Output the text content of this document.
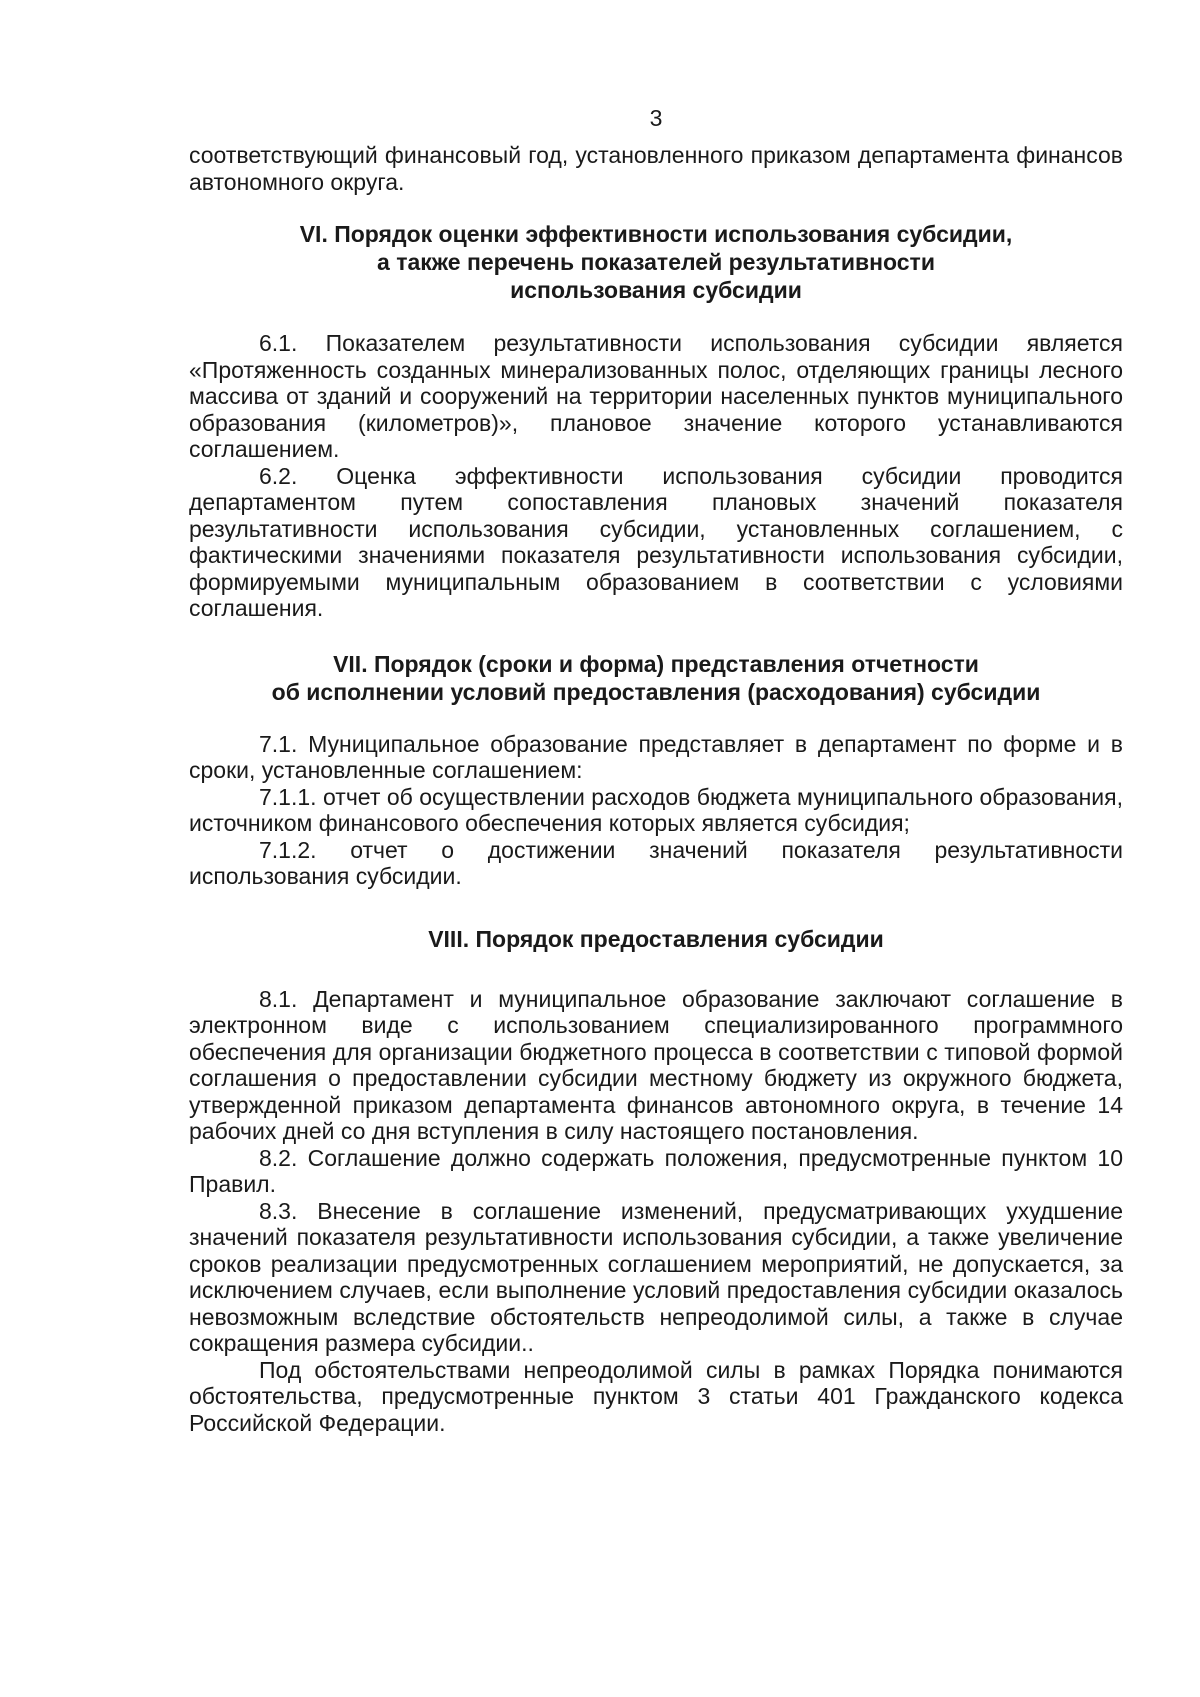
3

соответствующий финансовый год, установленного приказом департамента финансов автономного округа.

VI. Порядок оценки эффективности использования субсидии,
а также перечень показателей результативности
использования субсидии

6.1. Показателем результативности использования субсидии является «Протяженность созданных минерализованных полос, отделяющих границы лесного массива от зданий и сооружений на территории населенных пунктов муниципального образования (километров)», плановое значение которого устанавливаются соглашением.

6.2. Оценка эффективности использования субсидии проводится департаментом путем сопоставления плановых значений показателя результативности использования субсидии, установленных соглашением, с фактическими значениями показателя результативности использования субсидии, формируемыми муниципальным образованием в соответствии с условиями соглашения.

VII. Порядок (сроки и форма) представления отчетности
об исполнении условий предоставления (расходования) субсидии

7.1. Муниципальное образование представляет в департамент по форме и в сроки, установленные соглашением:

7.1.1. отчет об осуществлении расходов бюджета муниципального образования, источником финансового обеспечения которых является субсидия;

7.1.2. отчет о достижении значений показателя результативности использования субсидии.

VIII. Порядок предоставления субсидии

8.1. Департамент и муниципальное образование заключают соглашение в электронном виде с использованием специализированного программного обеспечения для организации бюджетного процесса в соответствии с типовой формой соглашения о предоставлении субсидии местному бюджету из окружного бюджета, утвержденной приказом департамента финансов автономного округа, в течение 14 рабочих дней со дня вступления в силу настоящего постановления.

8.2. Соглашение должно содержать положения, предусмотренные пунктом 10 Правил.

8.3. Внесение в соглашение изменений, предусматривающих ухудшение значений показателя результативности использования субсидии, а также увеличение сроков реализации предусмотренных соглашением мероприятий, не допускается, за исключением случаев, если выполнение условий предоставления субсидии оказалось невозможным вследствие обстоятельств непреодолимой силы, а также в случае сокращения размера субсидии..

Под обстоятельствами непреодолимой силы в рамках Порядка понимаются обстоятельства, предусмотренные пунктом 3 статьи 401 Гражданского кодекса Российской Федерации.
